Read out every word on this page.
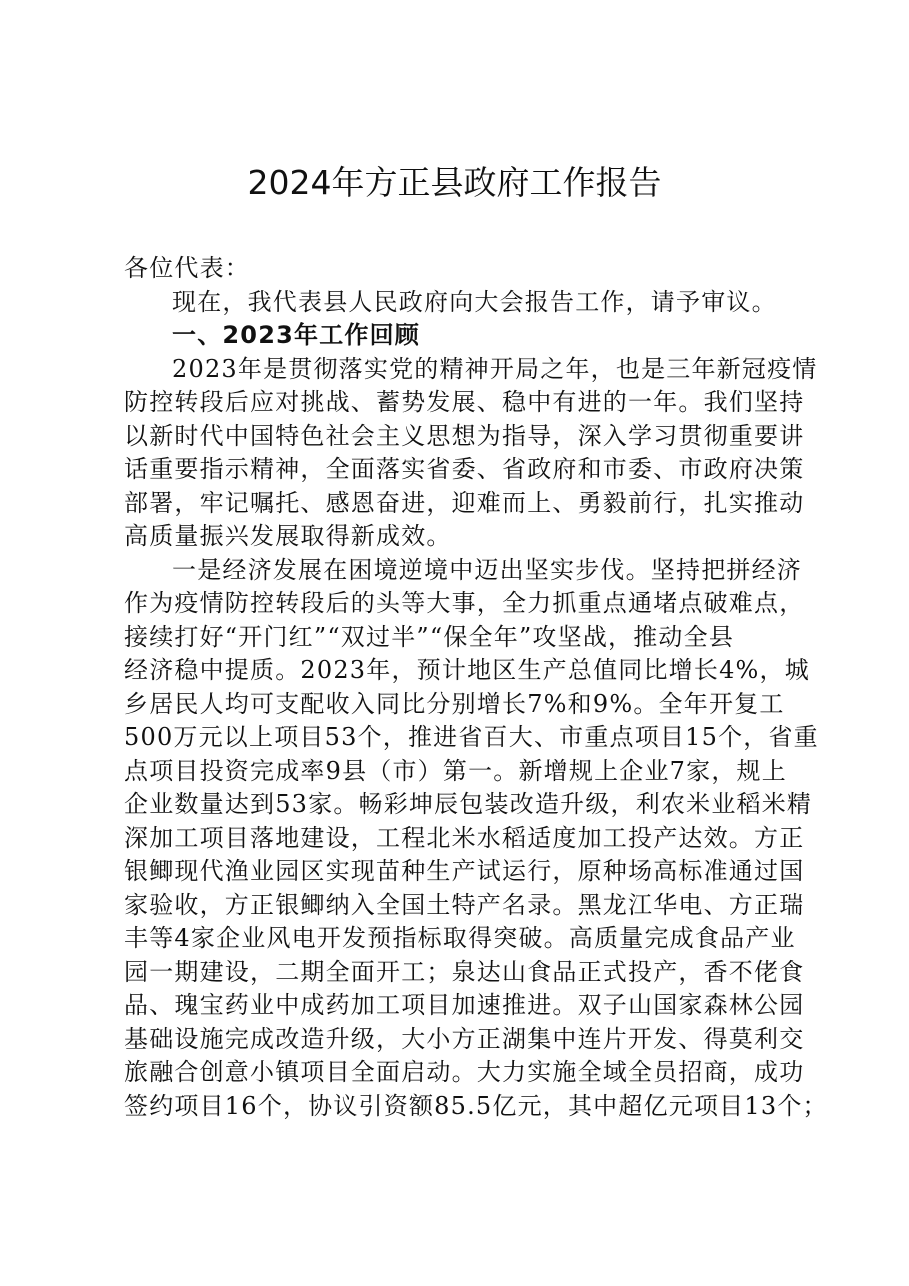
2024年方正县政府工作报告
各位代表：
现在，我代表县人民政府向大会报告工作，请予审议。
一、2023年工作回顾
2023年是贯彻落实党的精神开局之年，也是三年新冠疫情
防控转段后应对挑战、蓄势发展、稳中有进的一年。我们坚持
以新时代中国特色社会主义思想为指导，深入学习贯彻重要讲
话重要指示精神，全面落实省委、省政府和市委、市政府决策
部署，牢记嘱托、感恩奋进，迎难而上、勇毅前行，扎实推动
高质量振兴发展取得新成效。
一是经济发展在困境逆境中迈出坚实步伐。坚持把拼经济
作为疫情防控转段后的头等大事，全力抓重点通堵点破难点，
接续打好“开门红”“双过半”“保全年”攻坚战，推动全县
经济稳中提质。2023年，预计地区生产总值同比增长4%，城
乡居民人均可支配收入同比分别增长7%和9%。全年开复工
500万元以上项目53个，推进省百大、市重点项目15个，省重
点项目投资完成率9县（市）第一。新增规上企业7家，规上
企业数量达到53家。畅彩坤辰包装改造升级，利农米业稻米精
深加工项目落地建设，工程北米水稻适度加工投产达效。方正
银鲫现代渔业园区实现苗种生产试运行，原种场高标准通过国
家验收，方正银鲫纳入全国土特产名录。黑龙江华电、方正瑞
丰等4家企业风电开发预指标取得突破。高质量完成食品产业
园一期建设，二期全面开工；泉达山食品正式投产，香不佬食
品、瑰宝药业中成药加工项目加速推进。双子山国家森林公园
基础设施完成改造升级，大小方正湖集中连片开发、得莫利交
旅融合创意小镇项目全面启动。大力实施全域全员招商，成功
签约项目16个，协议引资额85.5亿元，其中超亿元项目13个；
